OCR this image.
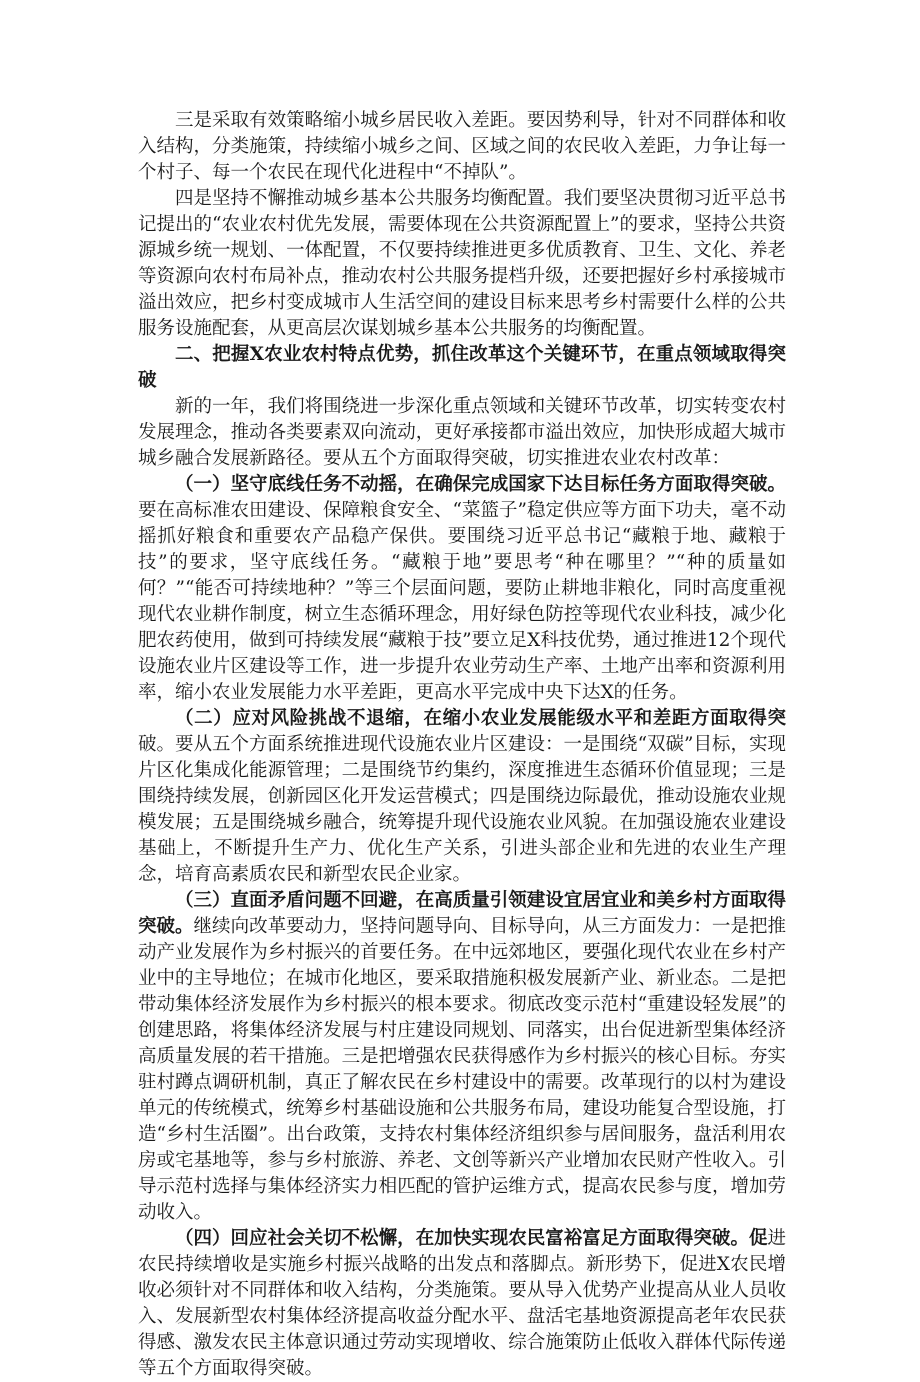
三是采取有效策略缩小城乡居民收入差距。要因势利导，针对不同群体和收入结构，分类施策，持续缩小城乡之间、区域之间的农民收入差距，力争让每一个村子、每一个农民在现代化进程中“不掉队”。

四是坚持不懈推动城乡基本公共服务均衡配置。我们要坚决贯彻习近平总书记提出的“农业农村优先发展，需要体现在公共资源配置上”的要求，坚持公共资源城乡统一规划、一体配置，不仅要持续推进更多优质教育、卫生、文化、养老等资源向农村布局补点，推动农村公共服务提档升级，还要把握好乡村承接城市溢出效应，把乡村变成城市人生活空间的建设目标来思考乡村需要什么样的公共服务设施配套，从更高层次谋划城乡基本公共服务的均衡配置。

二、把握X农业农村特点优势，抓住改革这个关键环节，在重点领域取得突破

新的一年，我们将围绕进一步深化重点领域和关键环节改革，切实转变农村发展理念，推动各类要素双向流动，更好承接都市溢出效应，加快形成超大城市城乡融合发展新路径。要从五个方面取得突破，切实推进农业农村改革：

（一）坚守底线任务不动摇，在确保完成国家下达目标任务方面取得突破。要在高标准农田建设、保障粮食安全、“菜篮子”稳定供应等方面下功夫，毫不动摇抓好粮食和重要农产品稳产保供。要围绕习近平总书记“藏粮于地、藏粮于技”的要求，坚守底线任务。“藏粮于地”要思考“种在哪里？”“种的质量如何？”“能否可持续地种？”等三个层面问题，要防止耕地非粮化，同时高度重视现代农业耕作制度，树立生态循环理念，用好绿色防控等现代农业科技，减少化肥农药使用，做到可持续发展“藏粮于技”要立足X科技优势，通过推进12个现代设施农业片区建设等工作，进一步提升农业劳动生产率、土地产出率和资源利用率，缩小农业发展能力水平差距，更高水平完成中央下达X的任务。

（二）应对风险挑战不退缩，在缩小农业发展能级水平和差距方面取得突破。要从五个方面系统推进现代设施农业片区建设：一是围绕“双碳”目标，实现片区化集成化能源管理；二是围绕节约集约，深度推进生态循环价值显现；三是围绕持续发展，创新园区化开发运营模式；四是围绕边际最优，推动设施农业规模发展；五是围绕城乡融合，统筹提升现代设施农业风貌。在加强设施农业建设基础上，不断提升生产力、优化生产关系，引进头部企业和先进的农业生产理念，培育高素质农民和新型农民企业家。

（三）直面矛盾问题不回避，在高质量引领建设宜居宜业和美乡村方面取得突破。继续向改革要动力，坚持问题导向、目标导向，从三方面发力：一是把推动产业发展作为乡村振兴的首要任务。在中远郊地区，要强化现代农业在乡村产业中的主导地位；在城市化地区，要采取措施积极发展新产业、新业态。二是把带动集体经济发展作为乡村振兴的根本要求。彻底改变示范村“重建设轻发展”的创建思路，将集体经济发展与村庄建设同规划、同落实，出台促进新型集体经济高质量发展的若干措施。三是把增强农民获得感作为乡村振兴的核心目标。夯实驻村蹲点调研机制，真正了解农民在乡村建设中的需要。改革现行的以村为建设单元的传统模式，统筹乡村基础设施和公共服务布局，建设功能复合型设施，打造“乡村生活圈”。出台政策，支持农村集体经济组织参与居间服务，盘活利用农房或宅基地等，参与乡村旅游、养老、文创等新兴产业增加农民财产性收入。引导示范村选择与集体经济实力相匹配的管护运维方式，提高农民参与度，增加劳动收入。

（四）回应社会关切不松懈，在加快实现农民富裕富足方面取得突破。促进农民持续增收是实施乡村振兴战略的出发点和落脚点。新形势下，促进X农民增收必须针对不同群体和收入结构，分类施策。要从导入优势产业提高从业人员收入、发展新型农村集体经济提高收益分配水平、盘活宅基地资源提高老年农民获得感、激发农民主体意识通过劳动实现增收、综合施策防止低收入群体代际传递等五个方面取得突破。
